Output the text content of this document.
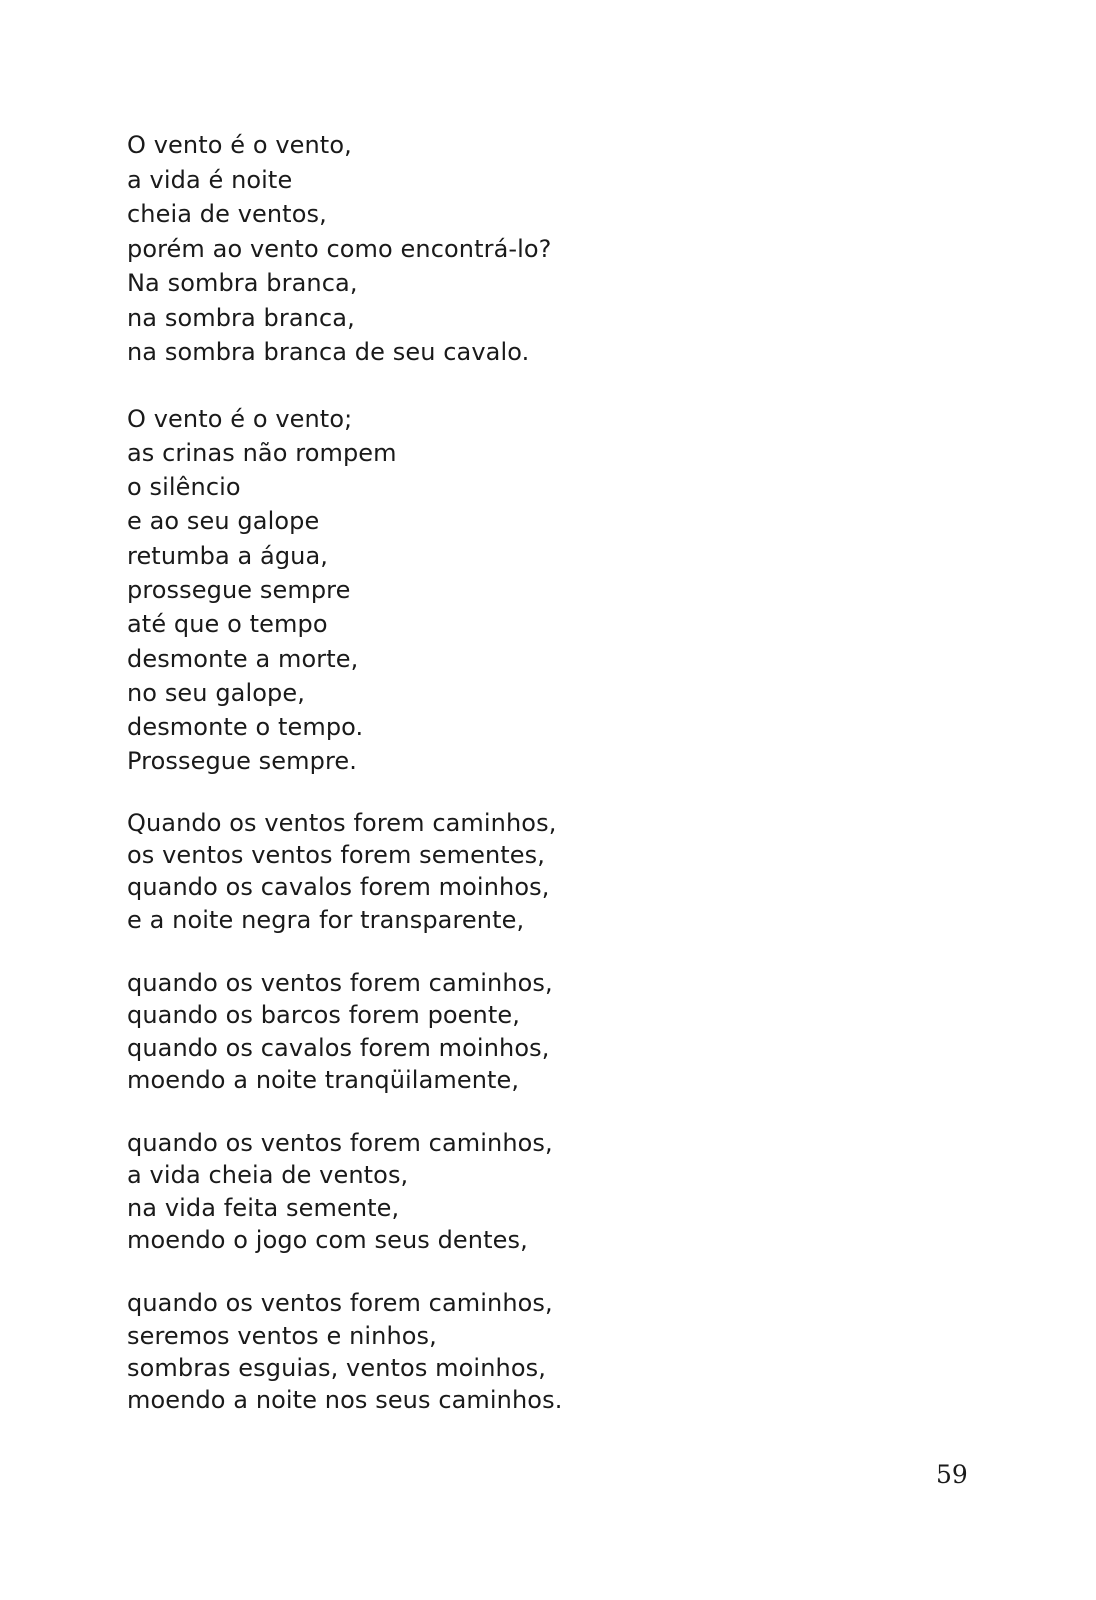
O vento é o vento,
a vida é noite
cheia de ventos,
porém ao vento como encontrá-lo?
Na sombra branca,
na sombra branca,
na sombra branca de seu cavalo.
O vento é o vento;
as crinas não rompem
o silêncio
e ao seu galope
retumba a água,
prossegue sempre
até que o tempo
desmonte a morte,
no seu galope,
desmonte o tempo.
Prossegue sempre.
Quando os ventos forem caminhos,
os ventos ventos forem sementes,
quando os cavalos forem moinhos,
e a noite negra for transparente,
quando os ventos forem caminhos,
quando os barcos forem poente,
quando os cavalos forem moinhos,
moendo a noite tranqüilamente,
quando os ventos forem caminhos,
a vida cheia de ventos,
na vida feita semente,
moendo o jogo com seus dentes,
quando os ventos forem caminhos,
seremos ventos e ninhos,
sombras esguias, ventos moinhos,
moendo a noite nos seus caminhos.
59
